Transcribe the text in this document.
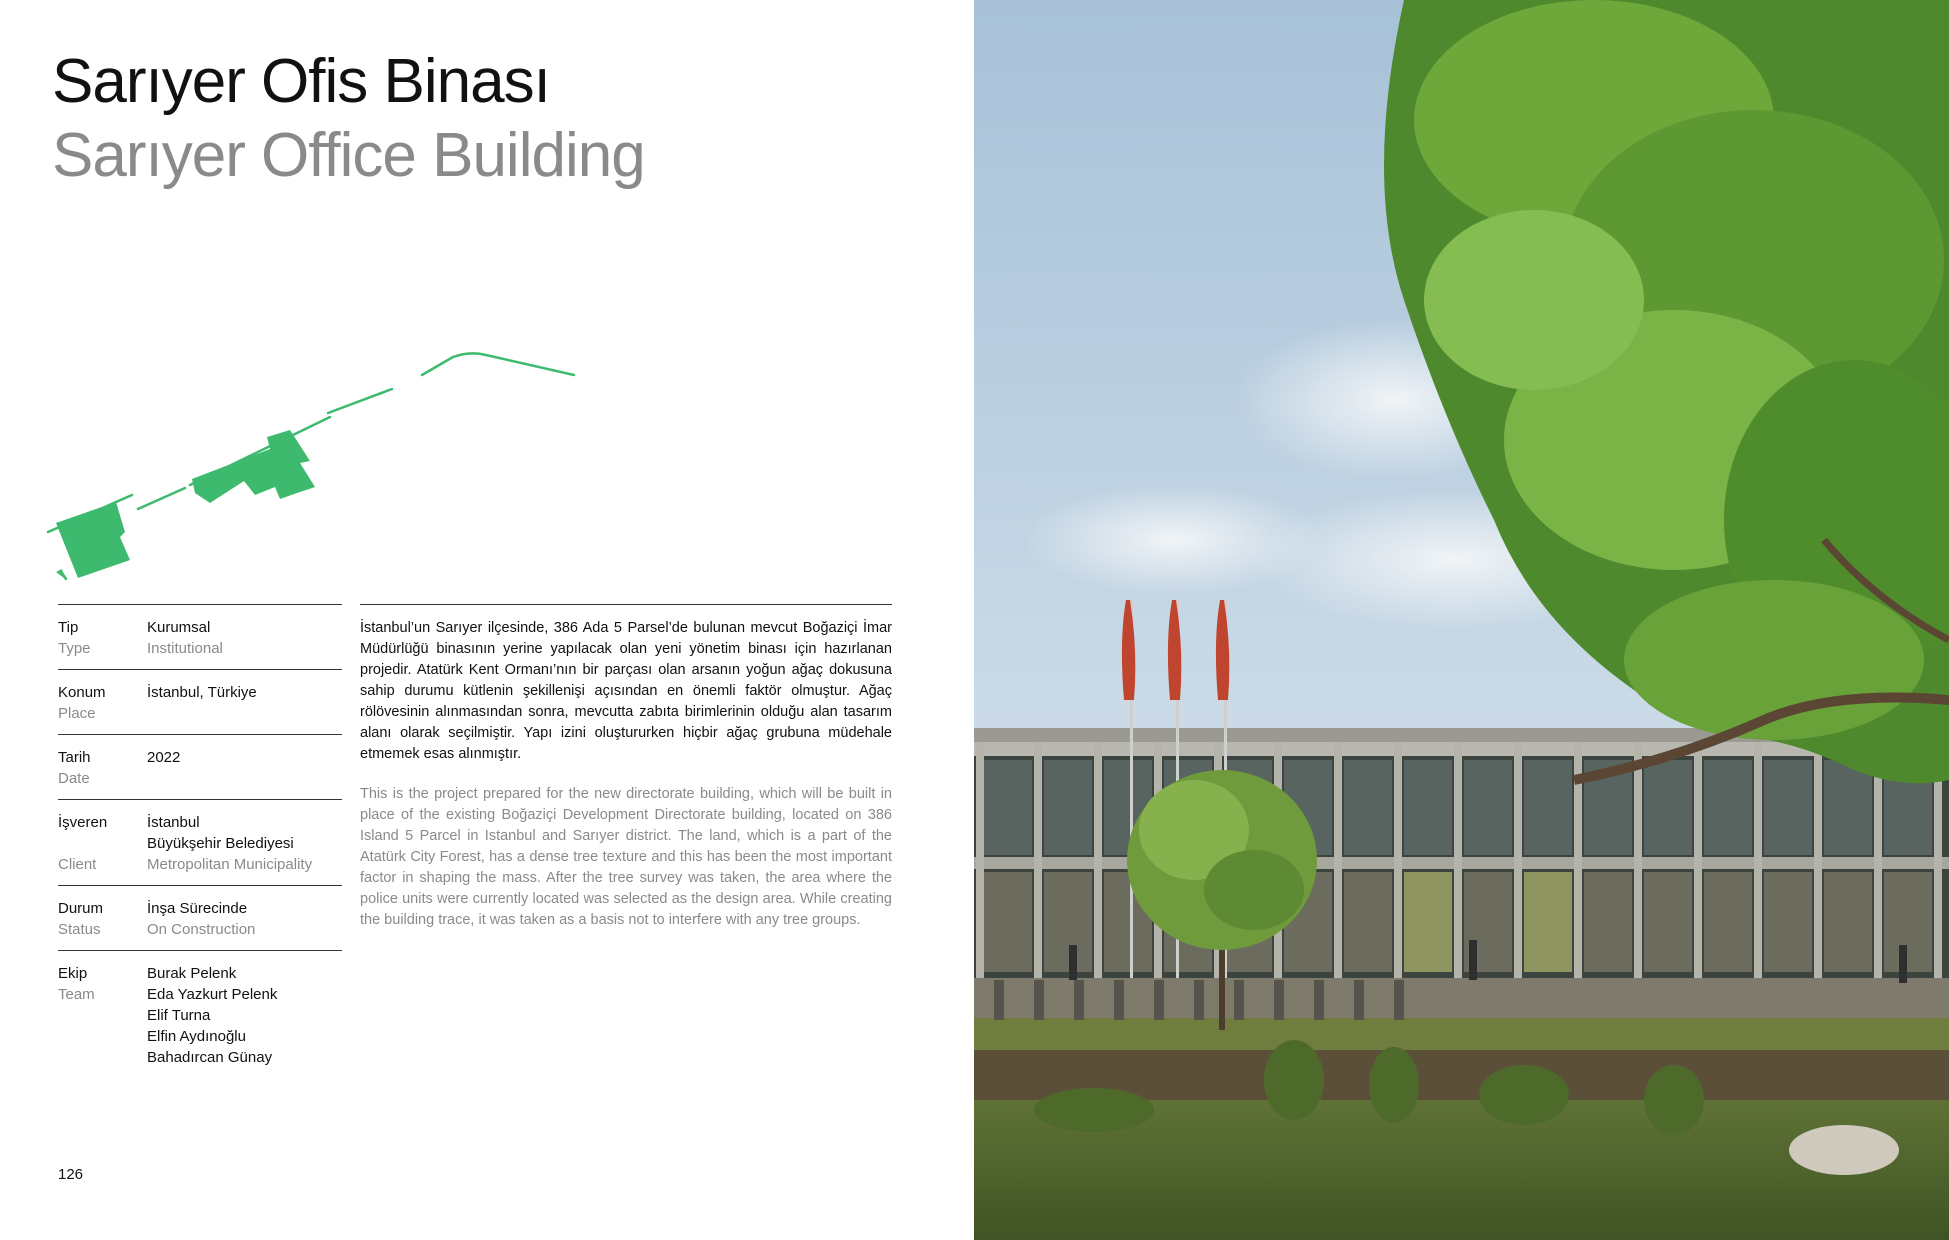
Sarıyer Ofis Binası
Sarıyer Office Building
Tip
Type
Kurumsal
Institutional
Konum
Place
İstanbul, Türkiye
Tarih
Date
2022
İşveren
Client
İstanbul
Büyükşehir Belediyesi
Metropolitan Municipality
Durum
Status
İnşa Sürecinde
On Construction
Ekip
Team
Burak Pelenk
Eda Yazkurt Pelenk
Elif Turna
Elfin Aydınoğlu
Bahadırcan Günay

İstanbul’un Sarıyer ilçesinde, 386 Ada 5 Parsel’de bulunan mevcut Boğaziçi İmar Müdürlüğü binasının yerine yapılacak olan yeni yönetim binası için hazırlanan projedir. Atatürk Kent Ormanı’nın bir parçası olan arsanın yoğun ağaç dokusuna sahip durumu kütlenin şekillenişi açısından en önemli faktör olmuştur. Ağaç rölövesinin alınmasından sonra, mevcutta zabıta birimlerinin olduğu alan tasarım alanı olarak seçilmiştir. Yapı izini oluştururken hiçbir ağaç grubuna müdehale etmemek esas alınmıştır.

This is the project prepared for the new directorate building, which will be built in place of the existing Boğaziçi Development Directorate building, located on 386 Island 5 Parcel in Istanbul and Sarıyer district. The land, which is a part of the Atatürk City Forest, has a dense tree texture and this has been the most important factor in shaping the mass. After the tree survey was taken, the area where the police units were currently located was selected as the design area. While creating the building trace, it was taken as a basis not to interfere with any tree groups.

126
